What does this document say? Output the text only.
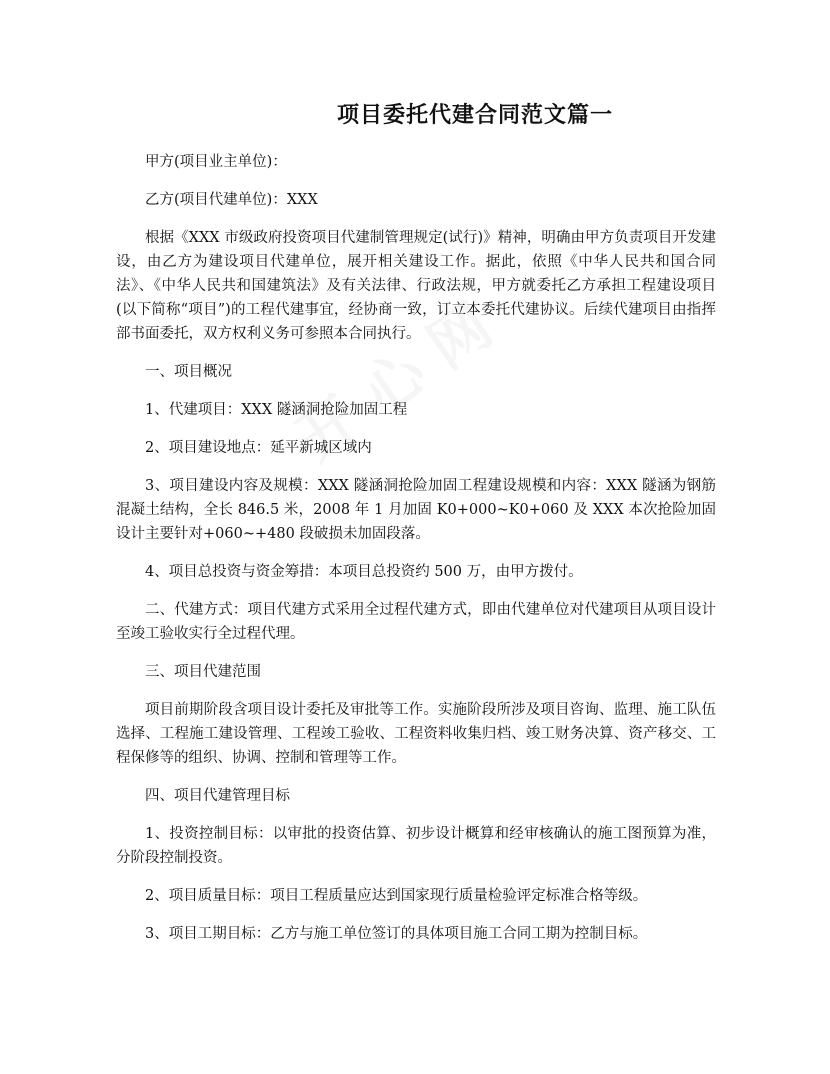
项目委托代建合同范文篇一

甲方(项目业主单位)：

乙方(项目代建单位)：XXX

根据《XXX 市级政府投资项目代建制管理规定(试行)》精神，明确由甲方负责项目开发建设，由乙方为建设项目代建单位，展开相关建设工作。据此，依照《中华人民共和国合同法》、《中华人民共和国建筑法》及有关法律、行政法规，甲方就委托乙方承担工程建设项目(以下简称“项目”)的工程代建事宜，经协商一致，订立本委托代建协议。后续代建项目由指挥部书面委托，双方权利义务可参照本合同执行。

一、项目概况

1、代建项目：XXX 隧涵洞抢险加固工程

2、项目建设地点：延平新城区域内

3、项目建设内容及规模：XXX 隧涵洞抢险加固工程建设规模和内容：XXX 隧涵为钢筋混凝土结构，全长 846.5 米，2008 年 1 月加固 K0+000~K0+060 及 XXX 本次抢险加固设计主要针对+060~+480 段破损未加固段落。

4、项目总投资与资金筹措：本项目总投资约 500 万，由甲方拨付。

二、代建方式：项目代建方式采用全过程代建方式，即由代建单位对代建项目从项目设计至竣工验收实行全过程代理。

三、项目代建范围

项目前期阶段含项目设计委托及审批等工作。实施阶段所涉及项目咨询、监理、施工队伍选择、工程施工建设管理、工程竣工验收、工程资料收集归档、竣工财务决算、资产移交、工程保修等的组织、协调、控制和管理等工作。

四、项目代建管理目标

1、投资控制目标：以审批的投资估算、初步设计概算和经审核确认的施工图预算为准，分阶段控制投资。

2、项目质量目标：项目工程质量应达到国家现行质量检验评定标准合格等级。

3、项目工期目标：乙方与施工单位签订的具体项目施工合同工期为控制目标。
